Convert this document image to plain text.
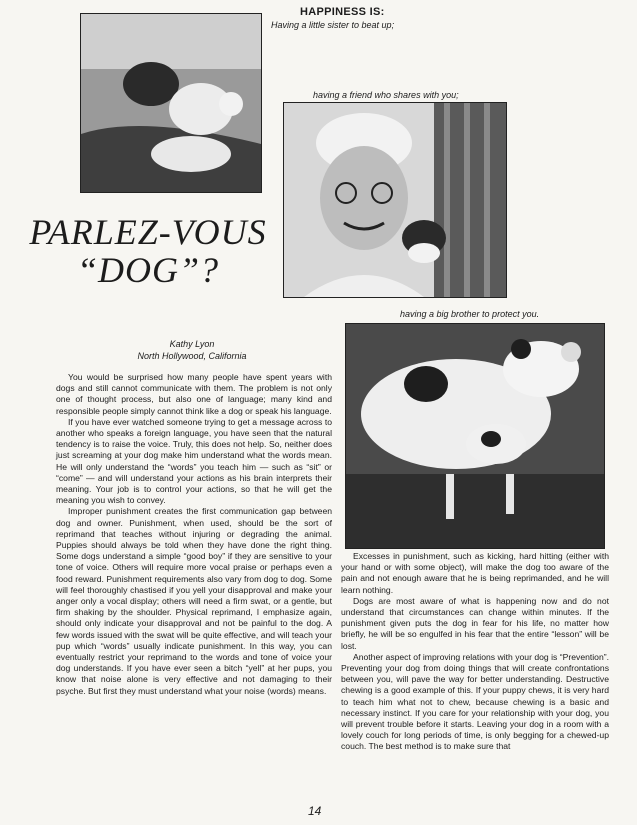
HAPPINESS IS:
Having a little sister to beat up;
having a friend who shares with you;
having a big brother to protect you.
PARLEZ-VOUS
“DOG”?
Kathy Lyon
North Hollywood, California

You would be surprised how many people have spent years with dogs and still cannot communicate with them. The problem is not only one of thought process, but also one of language; many kind and responsible people simply cannot think like a dog or speak his language.

If you have ever watched someone trying to get a message across to another who speaks a foreign language, you have seen that the natural tendency is to raise the voice. Truly, this does not help. So, neither does just screaming at your dog make him understand what the words mean. He will only understand the “words” you teach him — such as “sit” or “come” — and will understand your actions as his brain interprets their meaning. Your job is to control your actions, so that he will get the meaning you wish to convey.

Improper punishment creates the first communication gap between dog and owner. Punishment, when used, should be the sort of reprimand that teaches without injuring or degrading the animal. Puppies should always be told when they have done the right thing. Some dogs understand a simple “good boy” if they are sensitive to your tone of voice. Others will require more vocal praise or perhaps even a food reward. Punishment requirements also vary from dog to dog. Some will feel thoroughly chastised if you yell your disapproval and make your anger only a vocal display; others will need a firm swat, or a gentle, but firm shaking by the shoulder. Physical reprimand, I emphasize again, should only indicate your disapproval and not be painful to the dog. A few words issued with the swat will be quite effective, and will teach your pup which “words” usually indicate punishment. In this way, you can eventually restrict your reprimand to the words and tone of voice your dog understands. If you have ever seen a bitch “yell” at her pups, you know that noise alone is very effective and not damaging to their psyche. But first they must understand what your noise (words) means.

Excesses in punishment, such as kicking, hard hitting (either with your hand or with some object), will make the dog too aware of the pain and not enough aware that he is being reprimanded, and he will learn nothing.

Dogs are most aware of what is happening now and do not understand that circumstances can change within minutes. If the punishment given puts the dog in fear for his life, no matter how briefly, he will be so engulfed in his fear that the entire “lesson” will be lost.

Another aspect of improving relations with your dog is “Prevention”. Preventing your dog from doing things that will create confrontations between you, will pave the way for better understanding. Destructive chewing is a good example of this. If your puppy chews, it is very hard to teach him what not to chew, because chewing is a basic and necessary instinct. If you care for your relationship with your dog, you will prevent trouble before it starts. Leaving your dog in a room with a lovely couch for long periods of time, is only begging for a chewed-up couch. The best method is to make sure that

14
